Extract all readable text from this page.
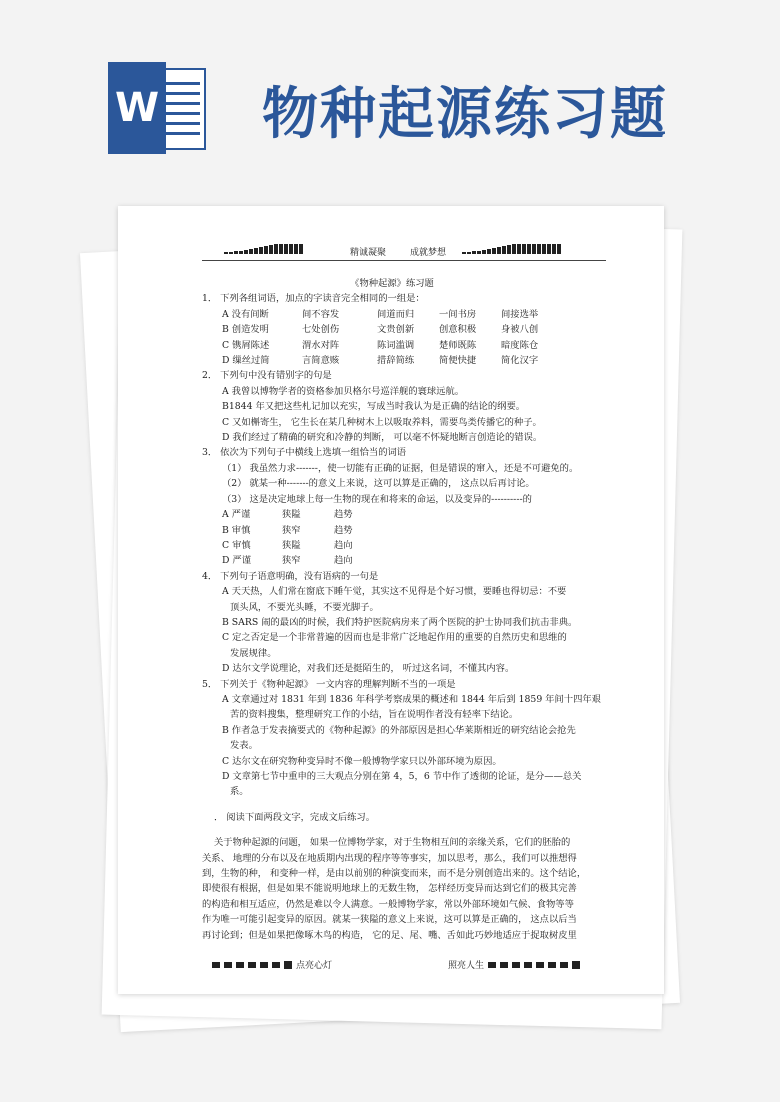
W 物种起源练习题
精诚凝聚	成就梦想

《物种起源》练习题

1． 下列各组词语，加点的字读音完全相同的一组是：

A 没有间断	间不容发	间道而归	一间书房	间接选举
B 创造发明	七处创伤	文贵创新	创意积极	身被八创
C 镌屑陈述	渭水对阵	陈词滥调	楚师既陈	暗度陈仓
D 缫丝过简	言简意赅	措辞简练	简便快捷	简化汉字

2． 下列句中没有错别字的句是

A 我曾以博物学者的资格参加贝格尔号巡洋舰的寰球远航。

B1844 年又把这些札记加以充实，写成当时我认为是正确的结论的纲要。

C 又如槲寄生， 它生长在某几种树木上以吸取养料，需要鸟类传播它的种子。

D 我们经过了精确的研究和冷静的判断， 可以毫不怀疑地断言创造论的错误。

3． 依次为下列句子中横线上选填一组恰当的词语

（1） 我虽然力求-------，使一切能有正确的证据，但是错误的窜入，还是不可避免的。

（2） 就某一种-------的意义上来说，这可以算是正确的， 这点以后再讨论。

（3） 这是决定地球上每一生物的现在和将来的命运，以及变异的----------的

A 严谨	狭隘	趋势
B 审慎	狭窄	趋势
C 审慎	狭隘	趋向
D 严谨	狭窄	趋向

4． 下列句子语意明确，没有语病的一句是

A 天天热，人们常在窗底下睡午觉，其实这不见得是个好习惯，要睡也得切忌：不要

顶头风，不要光头睡，不要光脚子。

B SARS 闹的最凶的时候，我们特护医院病房来了两个医院的护士协同我们抗击非典。

C 定之否定是一个非常普遍的因而也是非常广泛地起作用的重要的自然历史和思维的

发展规律。

D 达尔文学说理论，对我们还是挺陌生的， 听过这名词，不懂其内容。

5． 下列关于《物种起源》 一文内容的理解判断不当的一项是

A 文章通过对 1831 年到 1836 年科学考察成果的概述和 1844 年后到 1859 年间十四年艰

苦的资料搜集，整理研究工作的小结，旨在说明作者没有轻率下结论。

B 作者急于发表摘要式的《物种起源》的外部原因是担心华莱斯相近的研究结论会抢先

发表。

C 达尔文在研究物种变异时不像一般博物学家只以外部环境为原因。

D 文章第七节中重申的三大观点分别在第 4，5，6 节中作了透彻的论证，是分——总关

系。

． 阅读下面两段文字，完成文后练习。

关于物种起源的问题， 如果一位博物学家，对于生物相互间的亲缘关系，它们的胚胎的

关系、 地理的分布以及在地质期内出现的程序等等事实，加以思考，那么，我们可以推想得

到，生物的种， 和变种一样，是由以前别的种演变而来，而不是分别创造出来的。这个结论，

即使很有根据，但是如果不能说明地球上的无数生物， 怎样经历变异而达到它们的极其完善

的构造和相互适应，仍然是难以令人满意。一般博物学家，常以外部环境如气候、食物等等

作为唯一可能引起变异的原因。就某一狭隘的意义上来说，这可以算是正确的， 这点以后当

再讨论到；但是如果把像啄木鸟的构造， 它的足、尾、嘴、舌如此巧妙地适应于捉取树皮里

点亮心灯	照亮人生
